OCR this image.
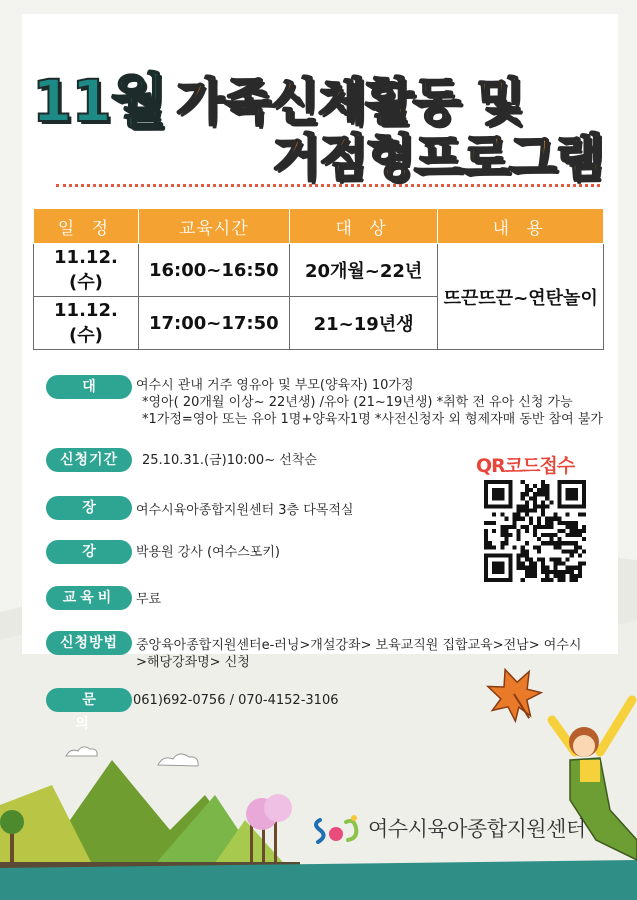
11월 가족신체활동 및
거점형프로그램
일 정	교육시간	대 상	내 용
11.12. (수)	16:00~16:50	20개월~22년	뜨끈뜨끈~연탄놀이
11.12. (수)	17:00~17:50	21~19년생	
대 상
여수시 관내 거주 영유아 및 부모(양육자) 10가정
*영아( 20개월 이상~ 22년생) /유아 (21~19년생) *취학 전 유아 신청 가능
*1가정=영아 또는 유아 1명+양육자1명 *사전신청자 외 형제자매 동반 참여 불가
신청기간	25.10.31.(금)10:00~ 선착순
장 소
여수시육아종합지원센터 3층 다목적실
강 사
박용원 강사 (여수스포키)
교육비	무료
신청방법	중앙육아종합지원센터e-러닝>개설강좌> 보육교직원 집합교육>전남> 여수시
>해당강좌명> 신청
문 의
061)692-0756 / 070-4152-3106
QR코드접수
여수시육아종합지원센터
